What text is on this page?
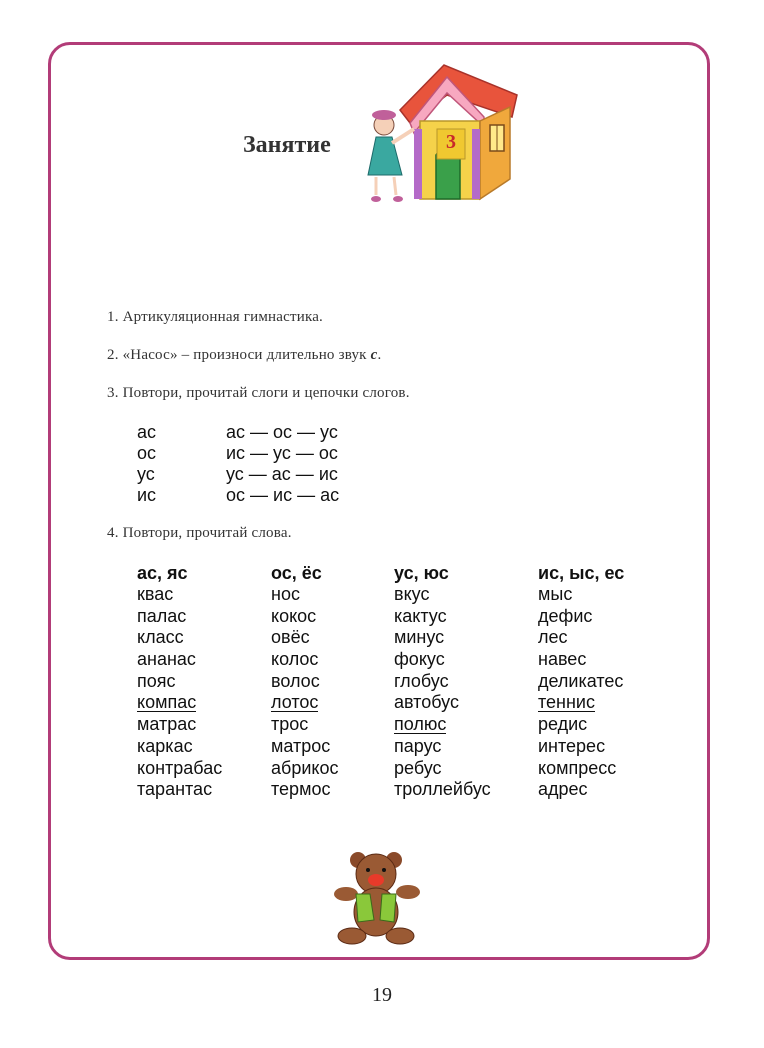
Занятие	3
1. Артикуляционная гимнастика.
2. «Насос» – произноси длительно звук с.
3. Повтори, прочитай слоги и цепочки слогов.
ас
ос
ус
ис
ас — ос — ус
ис — ус — ос
ус — ас — ис
ос — ис — ас
4. Повтори, прочитай слова.
ас, яс
квас
палас
класс
ананас
пояс
компас
матрас
каркас
контрабас
тарантас
ос, ёс
нос
кокос
овёс
колос
волос
лотос
трос
матрос
абрикос
термос
ус, юс
вкус
кактус
минус
фокус
глобус
автобус
полюс
парус
ребус
троллейбус
ис, ыс, ес
мыс
дефис
лес
навес
деликатес
теннис
редис
интерес
компресс
адрес
19
